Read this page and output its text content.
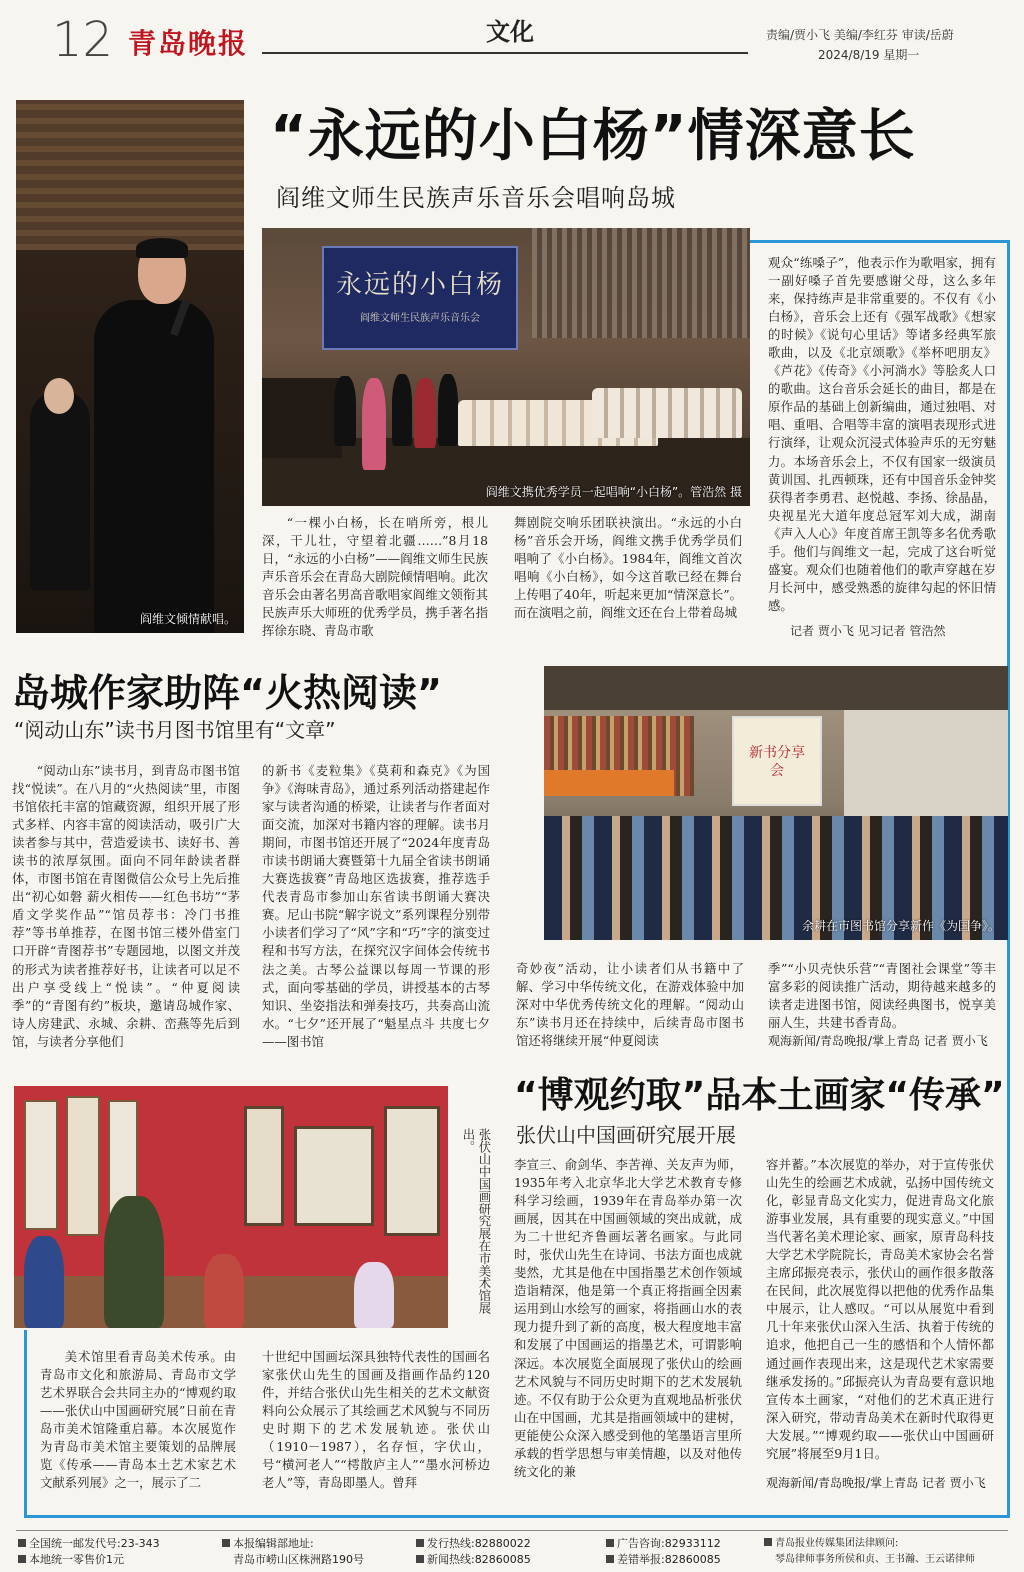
12 青岛晚报	文化	责编/贾小飞 美编/李红芬 审读/岳蔚
2024/8/19 星期一
阎维文倾情献唱。
“永远的小白杨”情深意长
阎维文师生民族声乐音乐会唱响岛城
永远的小白杨
阎维文师生民族声乐音乐会
阎维文携优秀学员一起唱响“小白杨”。管浩然 摄

“一棵小白杨，长在哨所旁，根儿深，干儿壮，守望着北疆……”8月18日，“永远的小白杨”——阎维文师生民族声乐音乐会在青岛大剧院倾情唱响。此次音乐会由著名男高音歌唱家阎维文领衔其民族声乐大师班的优秀学员，携手著名指挥徐东晓、青岛市歌

舞剧院交响乐团联袂演出。“永远的小白杨”音乐会开场，阎维文携手优秀学员们唱响了《小白杨》。1984年，阎维文首次唱响《小白杨》，如今这首歌已经在舞台上传唱了40年，听起来更加“情深意长”。而在演唱之前，阎维文还在台上带着岛城

观众“练嗓子”，他表示作为歌唱家，拥有一副好嗓子首先要感谢父母，这么多年来，保持练声是非常重要的。不仅有《小白杨》，音乐会上还有《强军战歌》《想家的时候》《说句心里话》等诸多经典军旅歌曲，以及《北京颂歌》《举杯吧朋友》《芦花》《传奇》《小河淌水》等脍炙人口的歌曲。这台音乐会延长的曲目，都是在原作品的基础上创新编曲，通过独唱、对唱、重唱、合唱等丰富的演唱表现形式进行演绎，让观众沉浸式体验声乐的无穷魅力。本场音乐会上，不仅有国家一级演员黄训国、扎西顿珠，还有中国音乐金钟奖获得者李勇君、赵悦越、李扬、徐晶晶，央视星光大道年度总冠军刘大成，湖南《声入人心》年度首席王凯等多名优秀歌手。他们与阎维文一起，完成了这台听觉盛宴。观众们也随着他们的歌声穿越在岁月长河中，感受熟悉的旋律勾起的怀旧情感。

记者 贾小飞 见习记者 管浩然
岛城作家助阵“火热阅读”
“阅动山东”读书月图书馆里有“文章”
新书分享会
余耕在市图书馆分享新作《为国争》。

“阅动山东”读书月，到青岛市图书馆找“悦读”。在八月的“火热阅读”里，市图书馆依托丰富的馆藏资源，组织开展了形式多样、内容丰富的阅读活动，吸引广大读者参与其中，营造爱读书、读好书、善读书的浓厚氛围。面向不同年龄读者群体，市图书馆在青图微信公众号上先后推出“初心如磐 薪火相传——红色书坊”“茅盾文学奖作品”“馆员荐书：冷门书推荐”等书单推荐，在图书馆三楼外借室门口开辟“青图荐书”专题园地，以图文并茂的形式为读者推荐好书，让读者可以足不出户享受线上“悦读”。“仲夏阅读季”的“青图有约”板块，邀请岛城作家、诗人房建武、永城、余耕、峦燕等先后到馆，与读者分享他们

的新书《麦粒集》《莫莉和森克》《为国争》《海味青岛》，通过系列活动搭建起作家与读者沟通的桥梁，让读者与作者面对面交流，加深对书籍内容的理解。读书月期间，市图书馆还开展了“2024年度青岛市读书朗诵大赛暨第十九届全省读书朗诵大赛选拔赛”青岛地区选拔赛，推荐选手代表青岛市参加山东省读书朗诵大赛决赛。尼山书院“解字说文”系列课程分别带小读者们学习了“风”字和“巧”字的演变过程和书写方法，在探究汉字间体会传统书法之美。古琴公益课以每周一节课的形式，面向零基础的学员，讲授基本的古琴知识、坐姿指法和弹奏技巧，共奏高山流水。“七夕”还开展了“魁星点斗 共度七夕——图书馆

奇妙夜”活动，让小读者们从书籍中了解、学习中华传统文化，在游戏体验中加深对中华优秀传统文化的理解。“阅动山东”读书月还在持续中，后续青岛市图书馆还将继续开展“仲夏阅读

季”“小贝壳快乐营”“青图社会课堂”等丰富多彩的阅读推广活动，期待越来越多的读者走进图书馆，阅读经典图书，悦享美丽人生，共建书香青岛。

观海新闻/青岛晚报/掌上青岛 记者 贾小飞
张伏山中国画研究展在市美术馆展出。
“博观约取”品本土画家“传承”
张伏山中国画研究展开展

美术馆里看青岛美术传承。由青岛市文化和旅游局、青岛市文学艺术界联合会共同主办的“博观约取——张伏山中国画研究展”日前在青岛市美术馆隆重启幕。本次展览作为青岛市美术馆主要策划的品牌展览《传承——青岛本土艺术家艺术文献系列展》之一，展示了二

十世纪中国画坛深具独特代表性的国画名家张伏山先生的国画及指画作品约120件，并结合张伏山先生相关的艺术文献资料向公众展示了其绘画艺术风貌与不同历史时期下的艺术发展轨迹。张伏山（1910－1987），名存恒，字伏山，号“横河老人”“樗散庐主人”“墨水河桥边老人”等，青岛即墨人。曾拜

李宣三、俞剑华、李苦禅、关友声为师，1935年考入北京华北大学艺术教育专修科学习绘画，1939年在青岛举办第一次画展，因其在中国画领域的突出成就，成为二十世纪齐鲁画坛著名画家。与此同时，张伏山先生在诗词、书法方面也成就斐然，尤其是他在中国指墨艺术创作领域造诣精深，他是第一个真正将指画全因素运用到山水绘写的画家，将指画山水的表现力提升到了新的高度，极大程度地丰富和发展了中国画运的指墨艺术，可谓影响深远。本次展览全面展现了张伏山的绘画艺术风貌与不同历史时期下的艺术发展轨迹。不仅有助于公众更为直观地品析张伏山在中国画，尤其是指画领域中的建树，更能使公众深入感受到他的笔墨语言里所承载的哲学思想与审美情趣，以及对他传统文化的兼

容并蓄。”本次展览的举办，对于宣传张伏山先生的绘画艺术成就，弘扬中国传统文化，彰显青岛文化实力，促进青岛文化旅游事业发展，具有重要的现实意义。”中国当代著名美术理论家、画家，原青岛科技大学艺术学院院长，青岛美术家协会名誉主席邱振亮表示，张伏山的画作很多散落在民间，此次展览得以把他的优秀作品集中展示，让人感叹。“可以从展览中看到几十年来张伏山深入生活、执着于传统的追求，他把自己一生的感悟和个人情怀都通过画作表现出来，这是现代艺术家需要继承发扬的。”邱振亮认为青岛要有意识地宣传本土画家，“对他们的艺术真正进行深入研究，带动青岛美术在新时代取得更大发展。”“博观约取——张伏山中国画研究展”将展至9月1日。

观海新闻/青岛晚报/掌上青岛 记者 贾小飞
全国统一邮发代号:23-343
本地统一零售价1元
本报编辑部地址:
青岛市崂山区株洲路190号
发行热线:82880022
新闻热线:82860085
广告咨询:82933112
差错举报:82860085
青岛报业传媒集团法律顾问:
琴岛律师事务所侯和贞、王书瀚、王云诺律师
